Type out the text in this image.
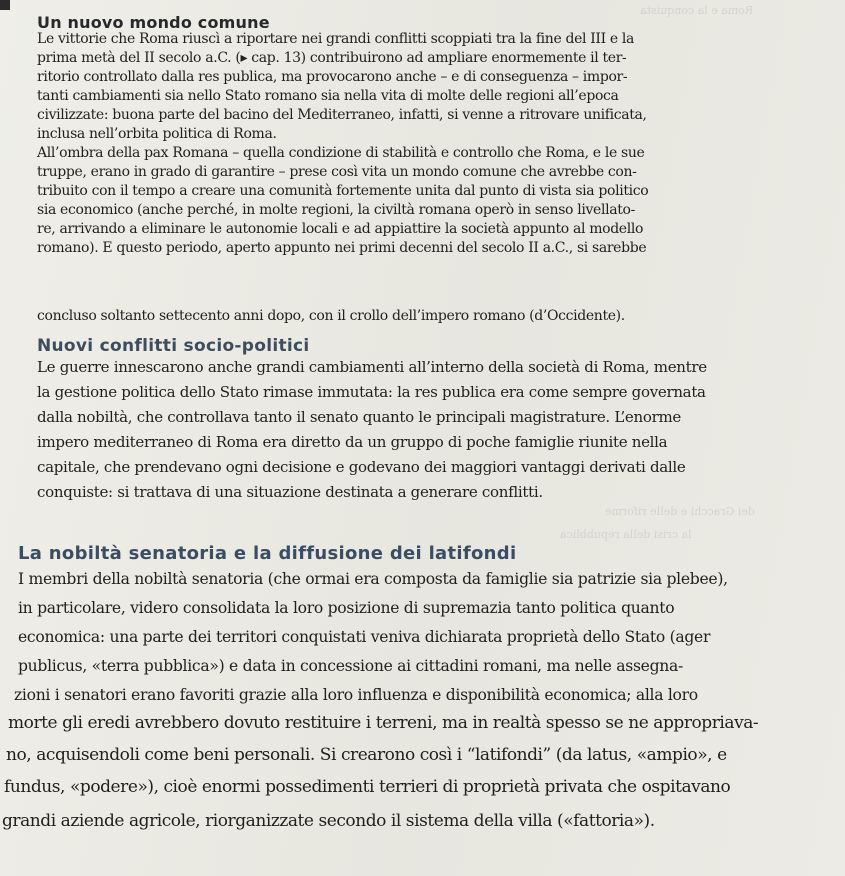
Roma e la conquista
dei Gracchi e delle riforme
la crisi della repubblica
Un nuovo mondo comune
Le vittorie che Roma riuscì a riportare nei grandi conflitti scoppiati tra la fine del III e la
prima metà del II secolo a.C. (▸ cap. 13) contribuirono ad ampliare enormemente il ter-
ritorio controllato dalla res publica, ma provocarono anche – e di conseguenza – impor-
tanti cambiamenti sia nello Stato romano sia nella vita di molte delle regioni all’epoca
civilizzate: buona parte del bacino del Mediterraneo, infatti, si venne a ritrovare unificata,
inclusa nell’orbita politica di Roma.
All’ombra della pax Romana – quella condizione di stabilità e controllo che Roma, e le sue
truppe, erano in grado di garantire – prese così vita un mondo comune che avrebbe con-
tribuito con il tempo a creare una comunità fortemente unita dal punto di vista sia politico
sia economico (anche perché, in molte regioni, la civiltà romana operò in senso livellato-
re, arrivando a eliminare le autonomie locali e ad appiattire la società appunto al modello
romano). E questo periodo, aperto appunto nei primi decenni del secolo II a.C., si sarebbe
concluso soltanto settecento anni dopo, con il crollo dell’impero romano (d’Occidente).
Nuovi conflitti socio-politici
Le guerre innescarono anche grandi cambiamenti all’interno della società di Roma, mentre
la gestione politica dello Stato rimase immutata: la res publica era come sempre governata
dalla nobiltà, che controllava tanto il senato quanto le principali magistrature. L’enorme
impero mediterraneo di Roma era diretto da un gruppo di poche famiglie riunite nella
capitale, che prendevano ogni decisione e godevano dei maggiori vantaggi derivati dalle
conquiste: si trattava di una situazione destinata a generare conflitti.
La nobiltà senatoria e la diffusione dei latifondi
I membri della nobiltà senatoria (che ormai era composta da famiglie sia patrizie sia plebee),
in particolare, videro consolidata la loro posizione di supremazia tanto politica quanto
economica: una parte dei territori conquistati veniva dichiarata proprietà dello Stato (ager
publicus, «terra pubblica») e data in concessione ai cittadini romani, ma nelle assegna-
zioni i senatori erano favoriti grazie alla loro influenza e disponibilità economica; alla loro
morte gli eredi avrebbero dovuto restituire i terreni, ma in realtà spesso se ne appropriava-
no, acquisendoli come beni personali. Si crearono così i “latifondi” (da latus, «ampio», e
fundus, «podere»), cioè enormi possedimenti terrieri di proprietà privata che ospitavano
grandi aziende agricole, riorganizzate secondo il sistema della villa («fattoria»).
